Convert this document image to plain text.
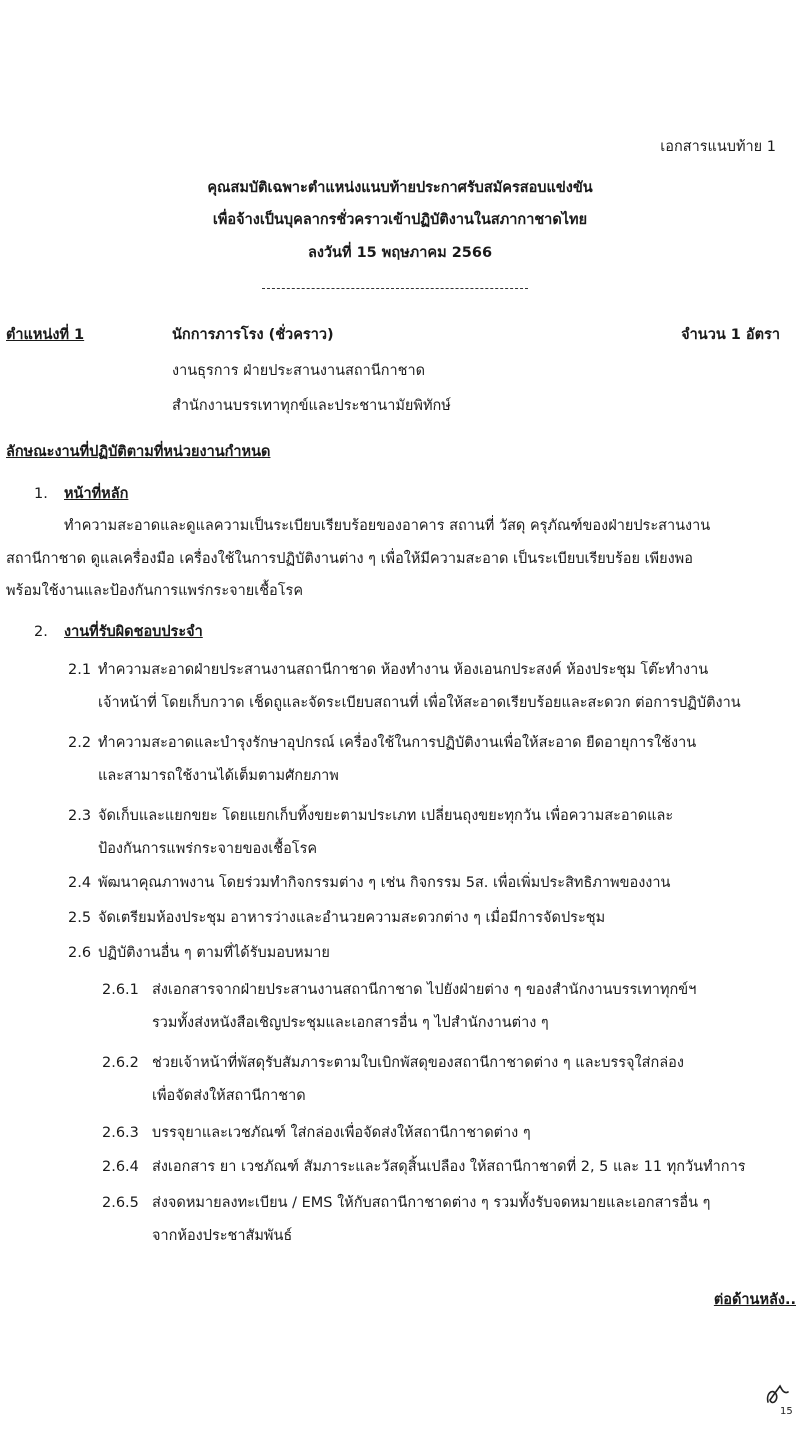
เอกสารแนบท้าย 1
คุณสมบัติเฉพาะตำแหน่งแนบท้ายประกาศรับสมัครสอบแข่งขัน
เพื่อจ้างเป็นบุคลากรชั่วคราวเข้าปฏิบัติงานในสภากาชาดไทย
ลงวันที่ 15 พฤษภาคม 2566
ตำแหน่งที่ 1	นักการภารโรง (ชั่วคราว)	จำนวน 1 อัตรา
งานธุรการ ฝ่ายประสานงานสถานีกาชาด
สำนักงานบรรเทาทุกข์และประชานามัยพิทักษ์
ลักษณะงานที่ปฏิบัติตามที่หน่วยงานกำหนด
1. หน้าที่หลัก
ทำความสะอาดและดูแลความเป็นระเบียบเรียบร้อยของอาคาร สถานที่ วัสดุ ครุภัณฑ์ของฝ่ายประสานงาน
สถานีกาชาด ดูแลเครื่องมือ เครื่องใช้ในการปฏิบัติงานต่าง ๆ เพื่อให้มีความสะอาด เป็นระเบียบเรียบร้อย เพียงพอ
พร้อมใช้งานและป้องกันการแพร่กระจายเชื้อโรค
2. งานที่รับผิดชอบประจำ
2.1 ทำความสะอาดฝ่ายประสานงานสถานีกาชาด ห้องทำงาน ห้องเอนกประสงค์ ห้องประชุม โต๊ะทำงาน
เจ้าหน้าที่ โดยเก็บกวาด เช็ดถูและจัดระเบียบสถานที่ เพื่อให้สะอาดเรียบร้อยและสะดวก ต่อการปฏิบัติงาน
2.2 ทำความสะอาดและบำรุงรักษาอุปกรณ์ เครื่องใช้ในการปฏิบัติงานเพื่อให้สะอาด ยืดอายุการใช้งาน
และสามารถใช้งานได้เต็มตามศักยภาพ
2.3 จัดเก็บและแยกขยะ โดยแยกเก็บทิ้งขยะตามประเภท เปลี่ยนถุงขยะทุกวัน เพื่อความสะอาดและ
ป้องกันการแพร่กระจายของเชื้อโรค
2.4 พัฒนาคุณภาพงาน โดยร่วมทำกิจกรรมต่าง ๆ เช่น กิจกรรม 5ส. เพื่อเพิ่มประสิทธิภาพของงาน
2.5 จัดเตรียมห้องประชุม อาหารว่างและอำนวยความสะดวกต่าง ๆ เมื่อมีการจัดประชุม
2.6 ปฏิบัติงานอื่น ๆ ตามที่ได้รับมอบหมาย
2.6.1 ส่งเอกสารจากฝ่ายประสานงานสถานีกาชาด ไปยังฝ่ายต่าง ๆ ของสำนักงานบรรเทาทุกข์ฯ
รวมทั้งส่งหนังสือเชิญประชุมและเอกสารอื่น ๆ ไปสำนักงานต่าง ๆ
2.6.2 ช่วยเจ้าหน้าที่พัสดุรับสัมภาระตามใบเบิกพัสดุของสถานีกาชาดต่าง ๆ และบรรจุใส่กล่อง
เพื่อจัดส่งให้สถานีกาชาด
2.6.3 บรรจุยาและเวชภัณฑ์ ใส่กล่องเพื่อจัดส่งให้สถานีกาชาดต่าง ๆ
2.6.4 ส่งเอกสาร ยา เวชภัณฑ์ สัมภาระและวัสดุสิ้นเปลือง ให้สถานีกาชาดที่ 2, 5 และ 11 ทุกวันทำการ
2.6.5 ส่งจดหมายลงทะเบียน / EMS ให้กับสถานีกาชาดต่าง ๆ รวมทั้งรับจดหมายและเอกสารอื่น ๆ
จากห้องประชาสัมพันธ์
ต่อด้านหลัง..
15
